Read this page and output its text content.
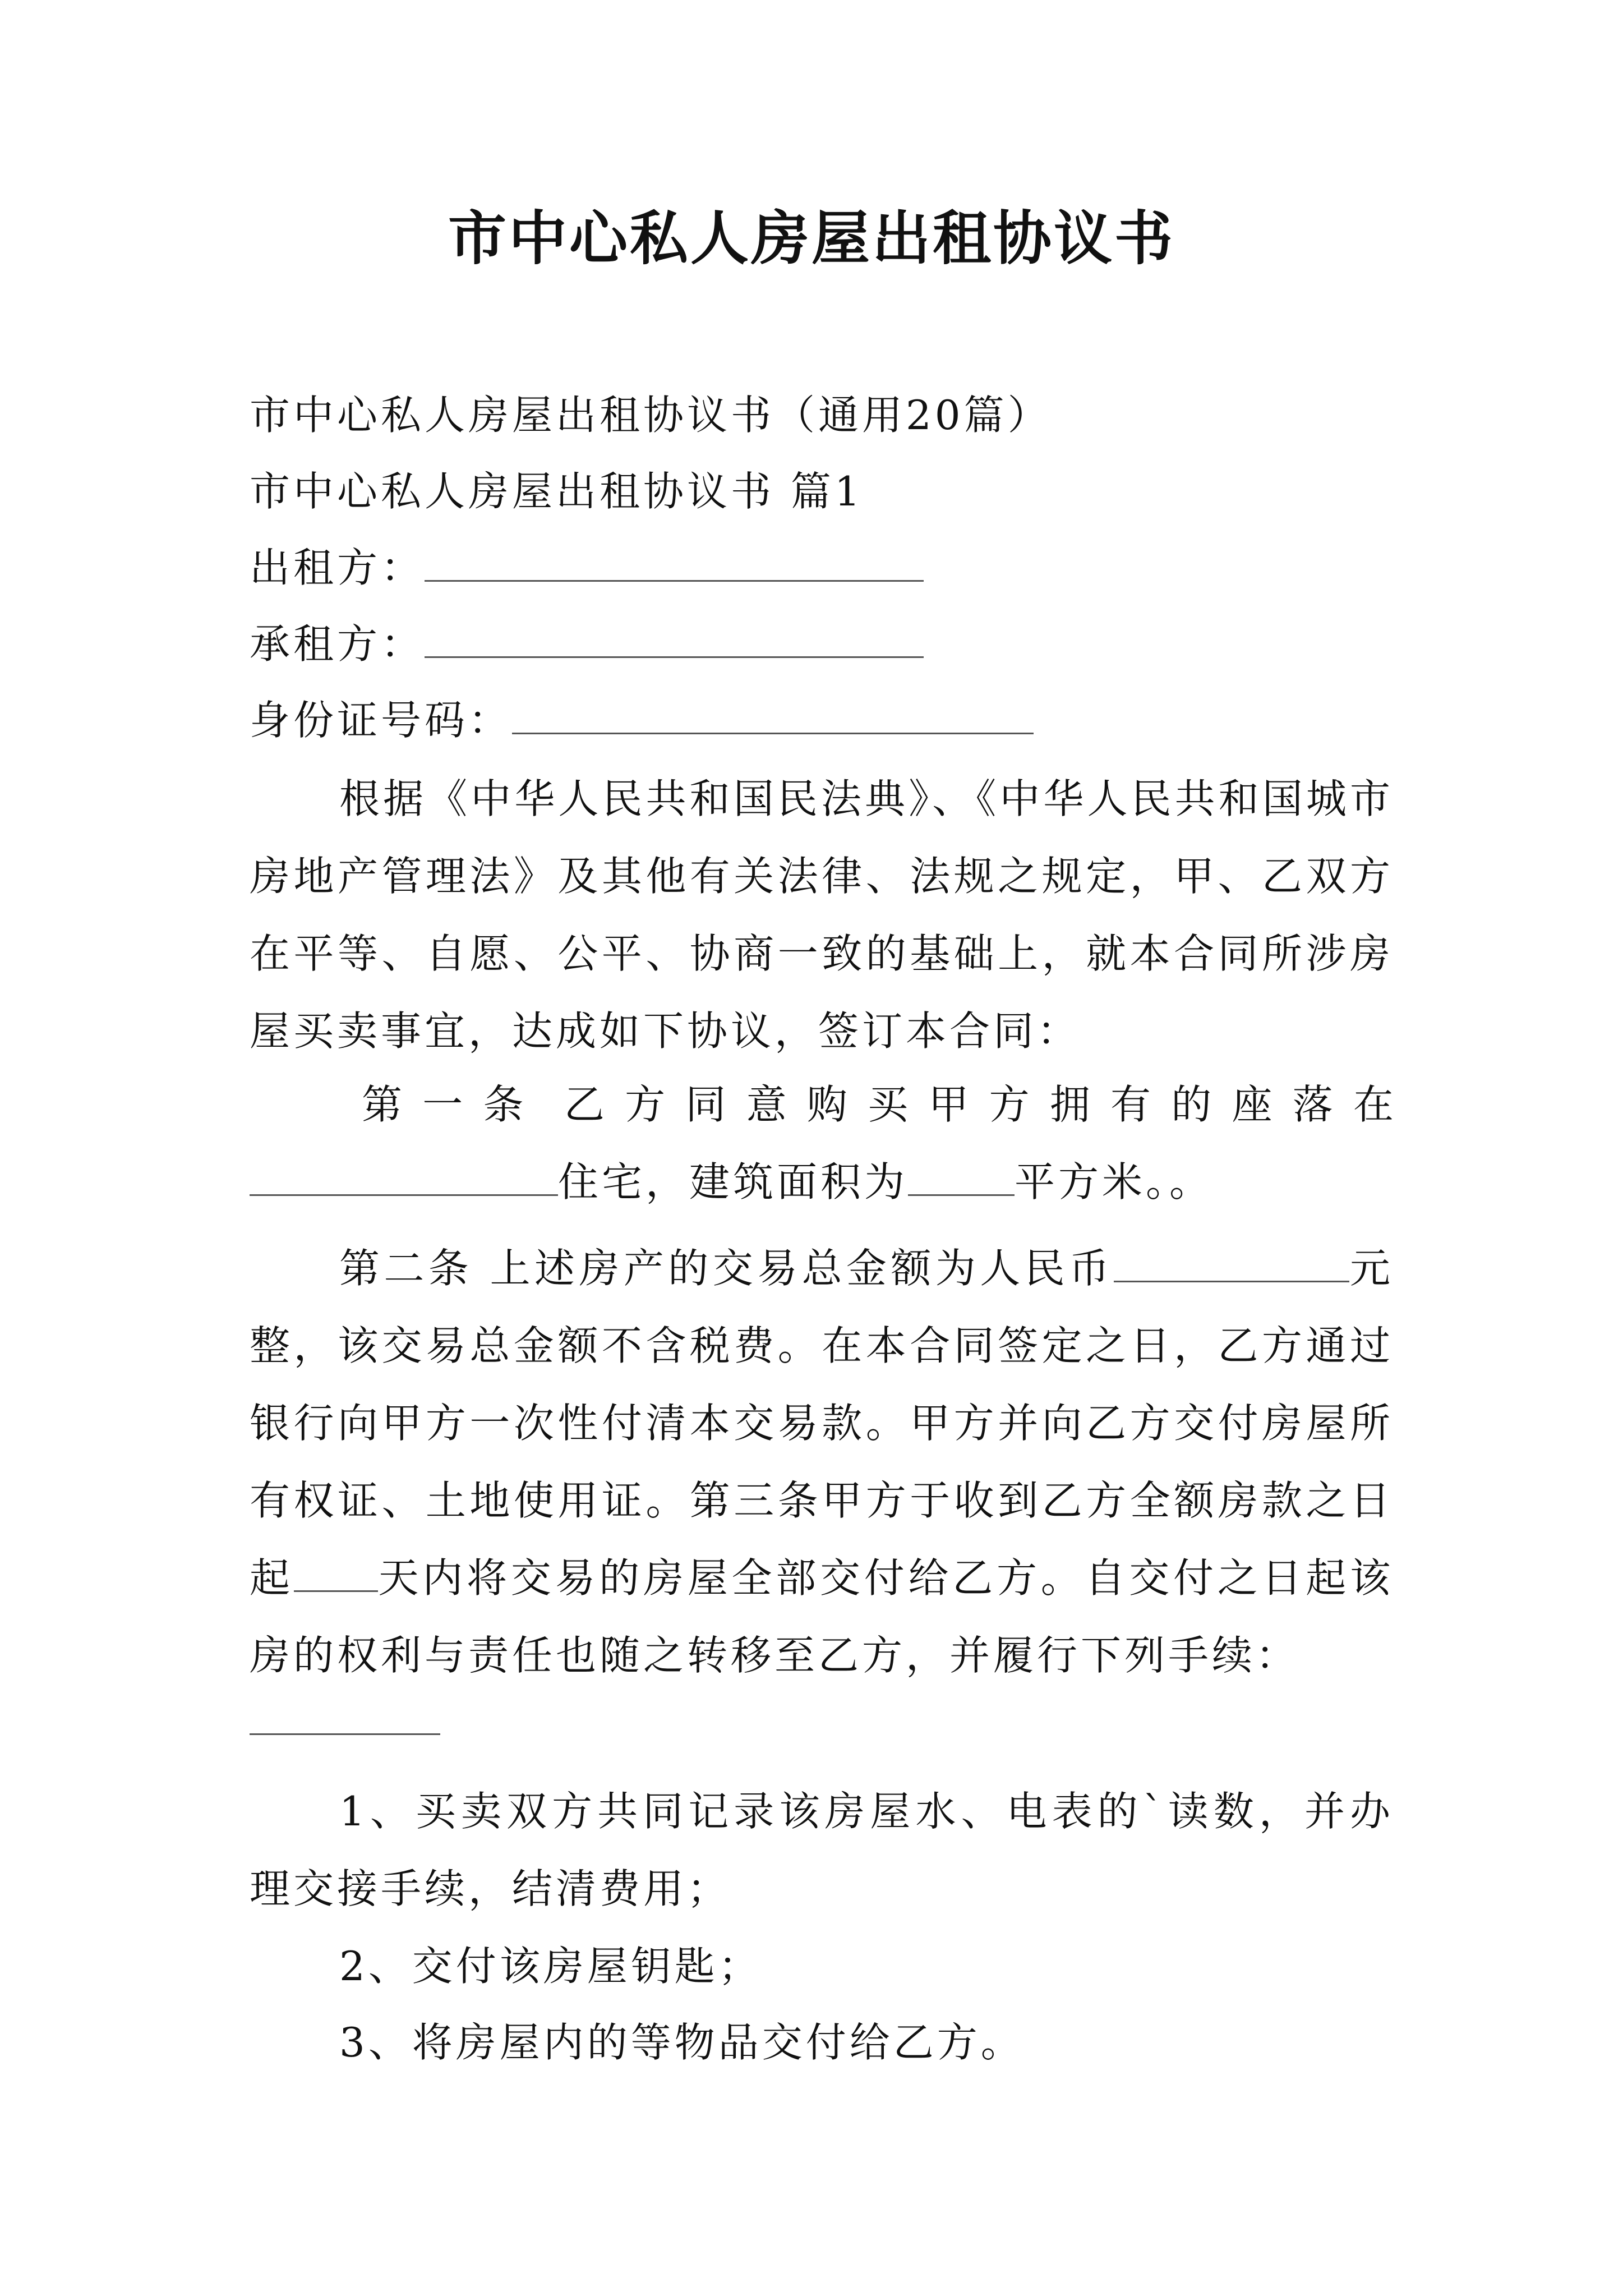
市中心私人房屋出租协议书
市中心私人房屋出租协议书（通用20篇）
市中心私人房屋出租协议书 篇1
出租方：
承租方：
身份证号码：
根据《中华人民共和国民法典》、《中华人民共和国城市房地产管理法》及其他有关法律、法规之规定，甲、乙双方在平等、自愿、公平、协商一致的基础上，就本合同所涉房屋买卖事宜，达成如下协议，签订本合同：
第 一 条 乙 方 同 意 购 买 甲 方 拥 有 的 座 落 在
住宅，建筑面积为	平方米。。
第二条 上述房产的交易总金额为人民币	元整，该交易总金额不含税费。在本合同签定之日，乙方通过银行向甲方一次性付清本交易款。甲方并向乙方交付房屋所有权证、土地使用证。第三条甲方于收到乙方全额房款之日起 天内将交易的房屋全部交付给乙方。自交付之日起该房的权利与责任也随之转移至乙方，并履行下列手续：
1、买卖双方共同记录该房屋水、电表的`读数，并办理交接手续，结清费用；
2、交付该房屋钥匙；
3、将房屋内的等物品交付给乙方。
